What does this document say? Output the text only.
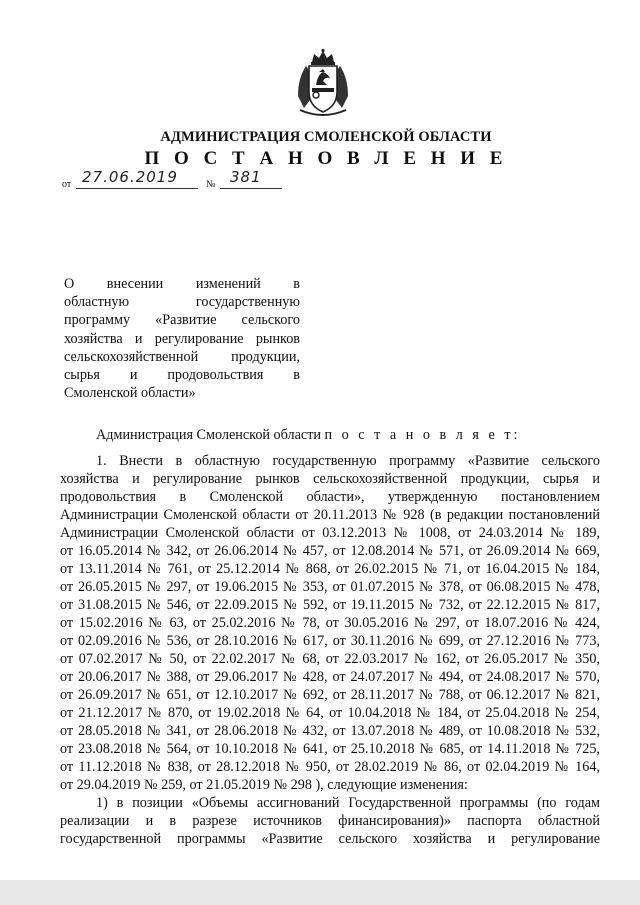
АДМИНИСТРАЦИЯ СМОЛЕНСКОЙ ОБЛАСТИ
П О С Т А Н О В Л Е Н И Е
от 27.06.2019	№ 381
О внесении изменений в
областную государственную
программу «Развитие сельского
хозяйства и регулирование рынков
сельскохозяйственной продукции,
сырья и продовольствия в
Смоленской области»
Администрация Смоленской области п о с т а н о в л я е т:
1. Внести в областную государственную программу «Развитие сельского
хозяйства и регулирование рынков сельскохозяйственной продукции, сырья и
продовольствия в Смоленской области», утвержденную постановлением
Администрации Смоленской области от 20.11.2013 № 928 (в редакции постановлений
Администрации Смоленской области от 03.12.2013 № 1008, от 24.03.2014 № 189,
от 16.05.2014 № 342, от 26.06.2014 № 457, от 12.08.2014 № 571, от 26.09.2014 № 669,
от 13.11.2014 № 761, от 25.12.2014 № 868, от 26.02.2015 № 71, от 16.04.2015 № 184,
от 26.05.2015 № 297, от 19.06.2015 № 353, от 01.07.2015 № 378, от 06.08.2015 № 478,
от 31.08.2015 № 546, от 22.09.2015 № 592, от 19.11.2015 № 732, от 22.12.2015 № 817,
от 15.02.2016 № 63, от 25.02.2016 № 78, от 30.05.2016 № 297, от 18.07.2016 № 424,
от 02.09.2016 № 536, от 28.10.2016 № 617, от 30.11.2016 № 699, от 27.12.2016 № 773,
от 07.02.2017 № 50, от 22.02.2017 № 68, от 22.03.2017 № 162, от 26.05.2017 № 350,
от 20.06.2017 № 388, от 29.06.2017 № 428, от 24.07.2017 № 494, от 24.08.2017 № 570,
от 26.09.2017 № 651, от 12.10.2017 № 692, от 28.11.2017 № 788, от 06.12.2017 № 821,
от 21.12.2017 № 870, от 19.02.2018 № 64, от 10.04.2018 № 184, от 25.04.2018 № 254,
от 28.05.2018 № 341, от 28.06.2018 № 432, от 13.07.2018 № 489, от 10.08.2018 № 532,
от 23.08.2018 № 564, от 10.10.2018 № 641, от 25.10.2018 № 685, от 14.11.2018 № 725,
от 11.12.2018 № 838, от 28.12.2018 № 950, от 28.02.2019 № 86, от 02.04.2019 № 164,
от 29.04.2019 № 259, от 21.05.2019 № 298 ), следующие изменения:
1) в позиции «Объемы ассигнований Государственной программы (по годам
реализации и в разрезе источников финансирования)» паспорта областной
государственной программы «Развитие сельского хозяйства и регулирование
